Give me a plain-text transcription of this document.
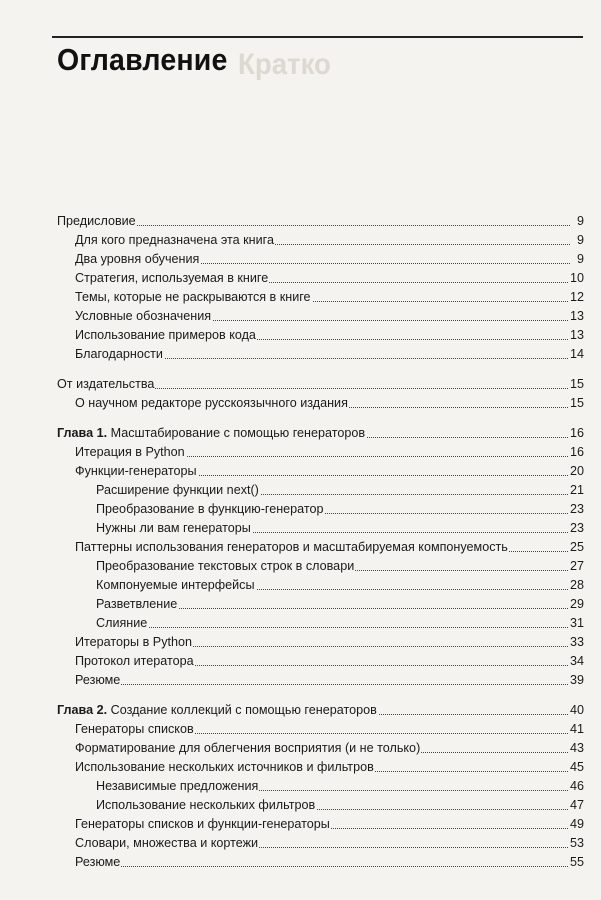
Кратко
Оглавление
Предисловие	9
Для кого предназначена эта книга	9
Два уровня обучения	9
Стратегия, используемая в книге	10
Темы, которые не раскрываются в книге	12
Условные обозначения	13
Использование примеров кода	13
Благодарности	14
От издательства	15
О научном редакторе русскоязычного издания	15
Глава 1. Масштабирование с помощью генераторов	16
Итерация в Python	16
Функции-генераторы	20
Расширение функции next()	21
Преобразование в функцию-генератор	23
Нужны ли вам генераторы	23
Паттерны использования генераторов и масштабируемая компонуемость	25
Преобразование текстовых строк в словари	27
Компонуемые интерфейсы	28
Разветвление	29
Слияние	31
Итераторы в Python	33
Протокол итератора	34
Резюме	39
Глава 2. Создание коллекций с помощью генераторов	40
Генераторы списков	41
Форматирование для облегчения восприятия (и не только)	43
Использование нескольких источников и фильтров	45
Независимые предложения	46
Использование нескольких фильтров	47
Генераторы списков и функции-генераторы	49
Словари, множества и кортежи	53
Резюме	55
